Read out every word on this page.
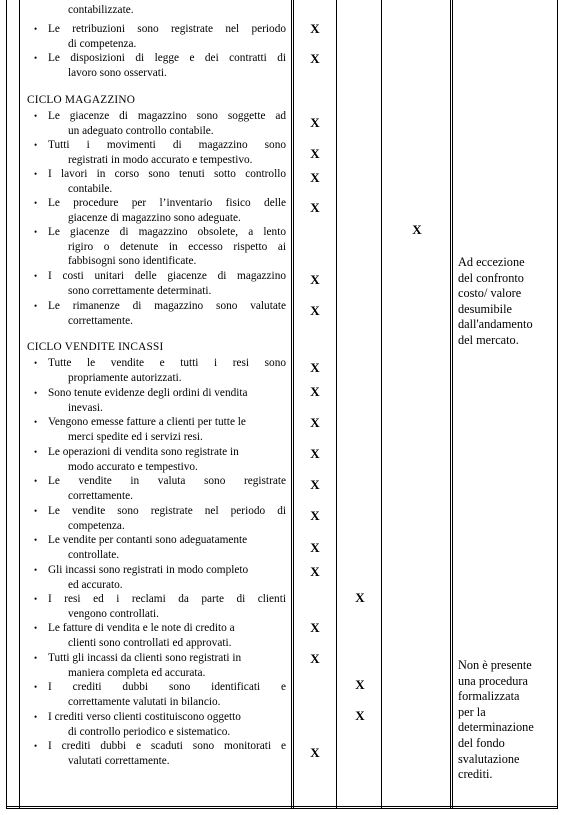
contabilizzate.
• Le retribuzioni sono registrate nel periodo
di competenza.
• Le disposizioni di legge e dei contratti di
lavoro sono osservati.
CICLO MAGAZZINO
• Le giacenze di magazzino sono soggette ad
un adeguato controllo contabile.
• Tutti i movimenti di magazzino sono
registrati in modo accurato e tempestivo.
• I lavori in corso sono tenuti sotto controllo
contabile.
• Le procedure per l’inventario fisico delle
giacenze di magazzino sono adeguate.
• Le giacenze di magazzino obsolete, a lento
rigiro o detenute in eccesso rispetto ai
fabbisogni sono identificate.
• I costi unitari delle giacenze di magazzino
sono correttamente determinati.
• Le rimanenze di magazzino sono valutate
correttamente.
CICLO VENDITE INCASSI
• Tutte le vendite e tutti i resi sono
propriamente autorizzati.
• Sono tenute evidenze degli ordini di vendita
inevasi.
• Vengono emesse fatture a clienti per tutte le
merci spedite ed i servizi resi.
• Le operazioni di vendita sono registrate in
modo accurato e tempestivo.
• Le vendite in valuta sono registrate
correttamente.
• Le vendite sono registrate nel periodo di
competenza.
• Le vendite per contanti sono adeguatamente
controllate.
• Gli incassi sono registrati in modo completo
ed accurato.
• I resi ed i reclami da parte di clienti
vengono controllati.
• Le fatture di vendita e le note di credito a
clienti sono controllati ed approvati.
• Tutti gli incassi da clienti sono registrati in
maniera completa ed accurata.
• I crediti dubbi sono identificati e
correttamente valutati in bilancio.
• I crediti verso clienti costituiscono oggetto
di controllo periodico e sistematico.
• I crediti dubbi e scaduti sono monitorati e
valutati correttamente.
X
X
X
X
X
X
X
X
X
X
X
X
X
X
X
X
X
X
X
X
X
X
X
Ad eccezione
del confronto
costo/ valore
desumibile
dall'andamento
del mercato.
Non è presente
una procedura
formalizzata
per la
determinazione
del fondo
svalutazione
crediti.
